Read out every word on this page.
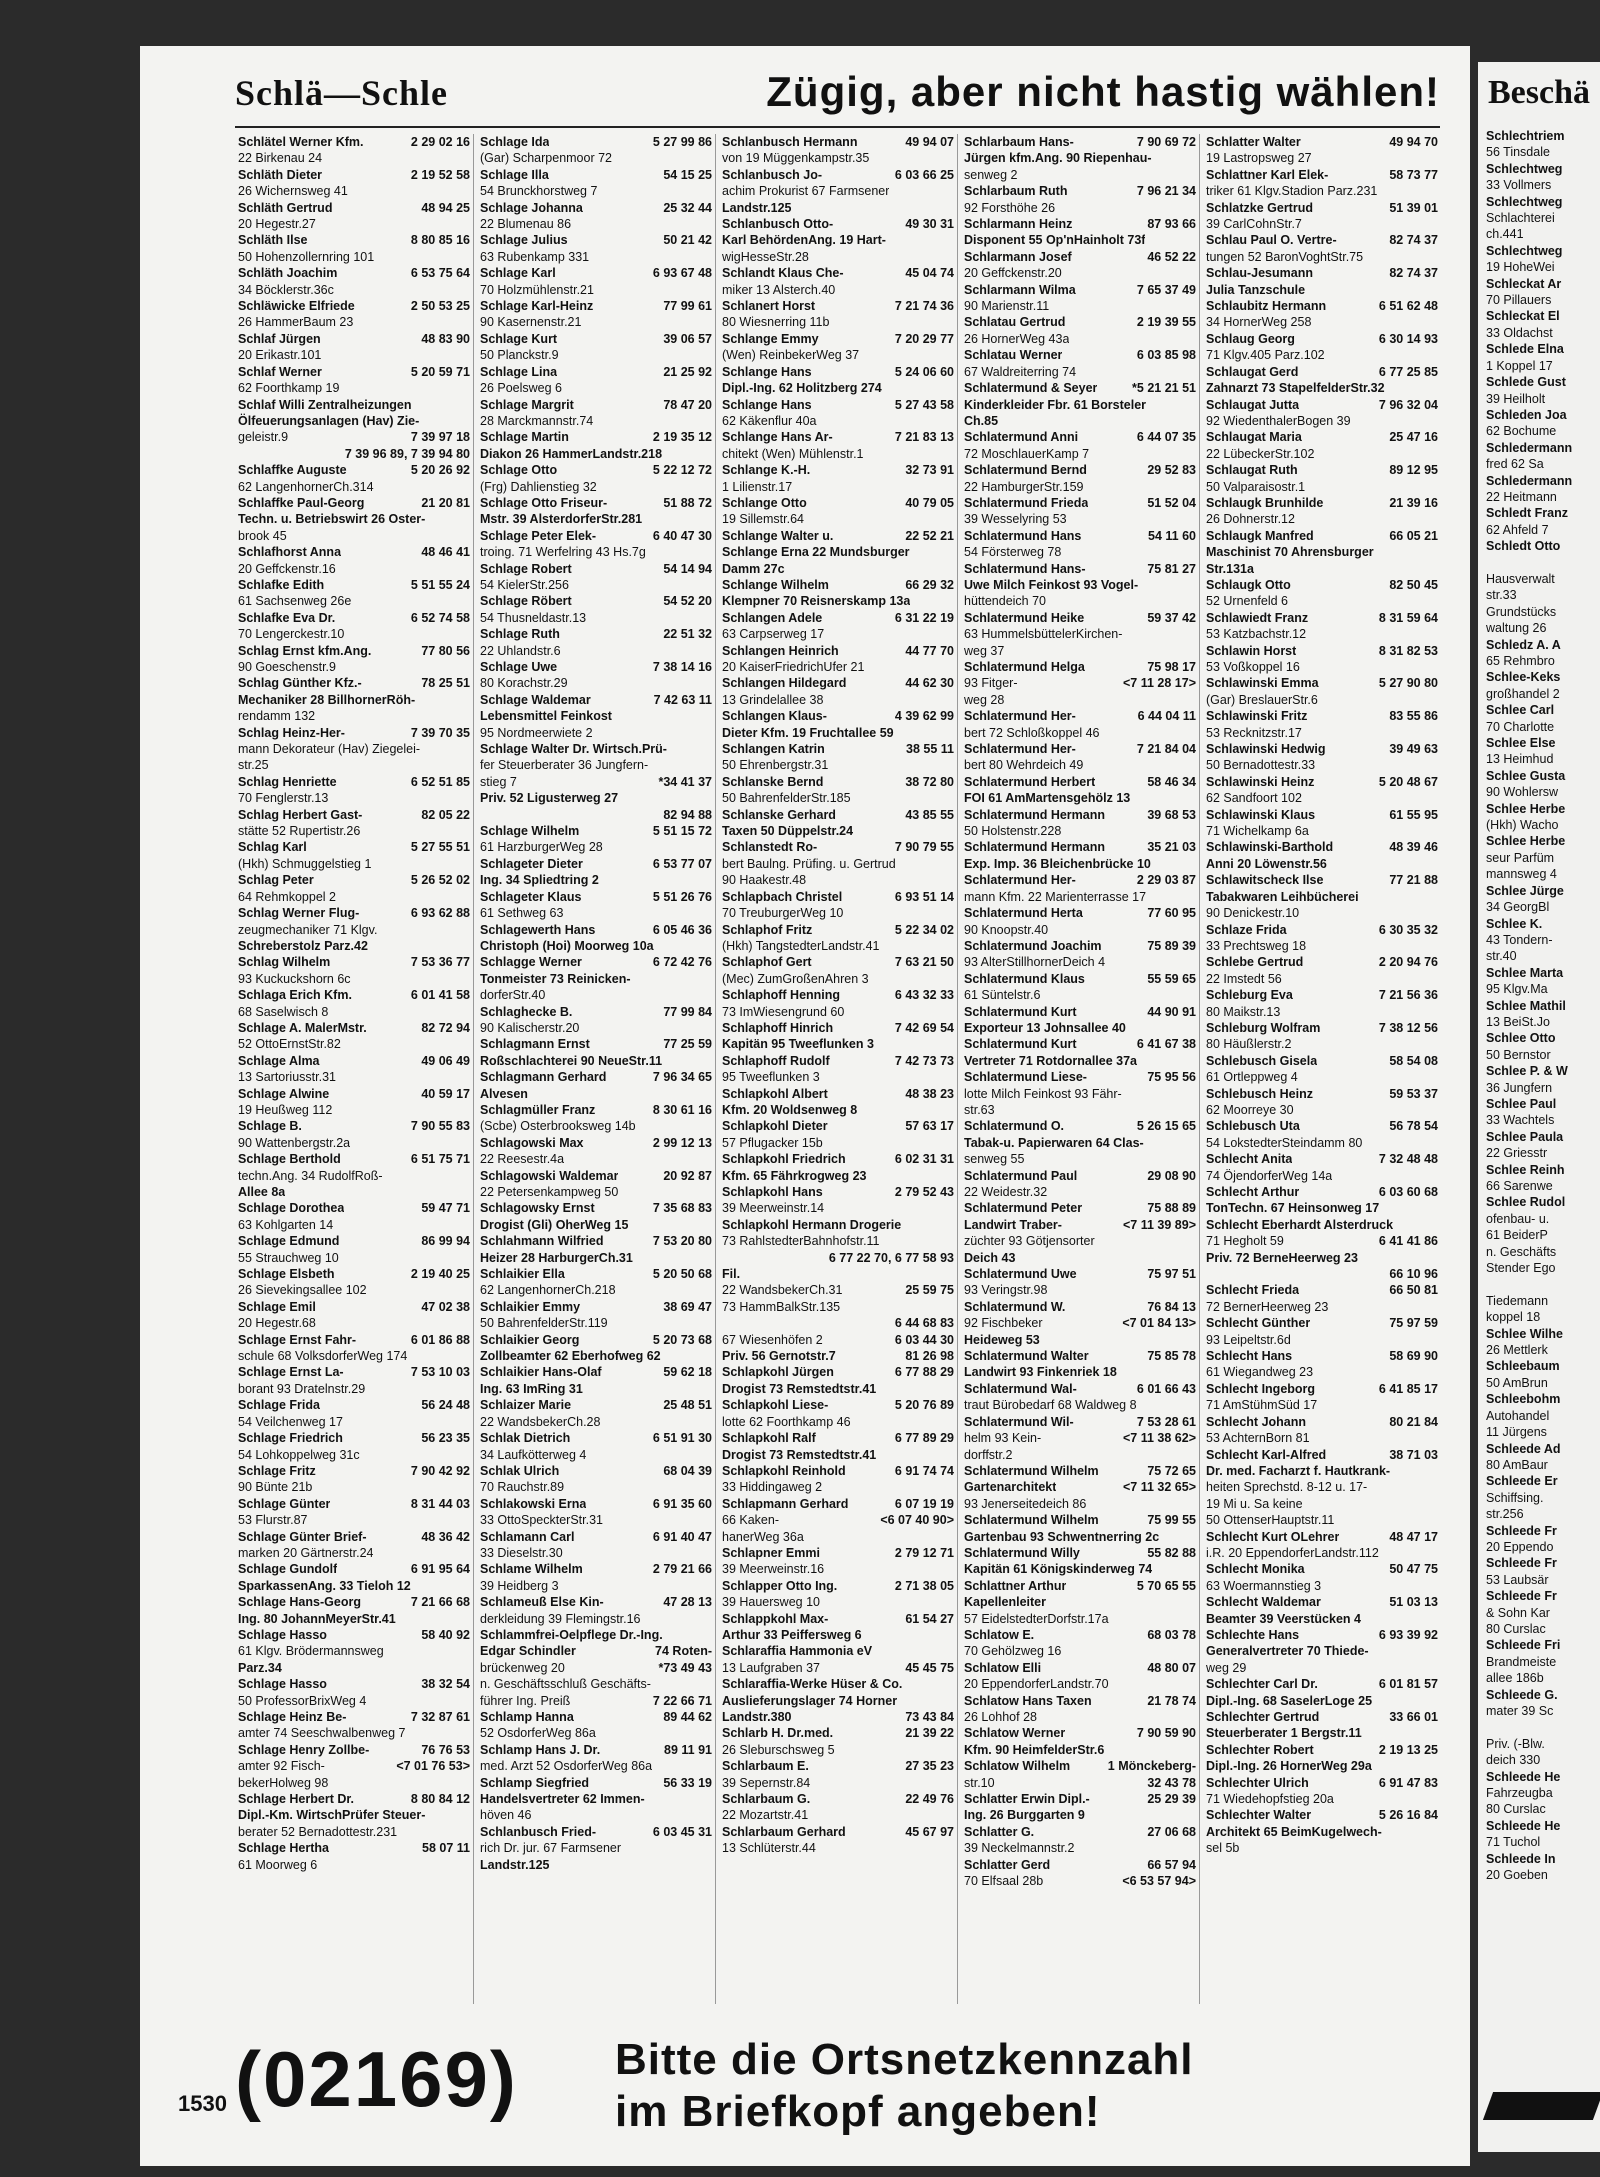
Schlä—Schle	Zügig, aber nicht hastig wählen!
Schlätel Werner Kfm.	2 29 02 16
22 Birkenau 24
Schläth Dieter	2 19 52 58
26 Wichernsweg 41
Schläth Gertrud	48 94 25
20 Hegestr.27
Schläth Ilse	8 80 85 16
50 Hohenzollernring 101
Schläth Joachim	6 53 75 64
34 Böcklerstr.36c
Schläwicke Elfriede	2 50 53 25
26 HammerBaum 23
Schlaf Jürgen	48 83 90
20 Erikastr.101
Schlaf Werner	5 20 59 71
62 Foorthkamp 19
Schlaf Willi Zentralheizungen
Ölfeuerungsanlagen (Hav) Zie-
geleistr.9	7 39 97 18
7 39 96 89, 7 39 94 80
Schlaffke Auguste	5 20 26 92
62 LangenhornerCh.314
Schlaffke Paul-Georg	21 20 81
Techn. u. Betriebswirt 26 Oster-
brook 45
Schlafhorst Anna	48 46 41
20 Geffckenstr.16
Schlafke Edith	5 51 55 24
61 Sachsenweg 26e
Schlafke Eva Dr.	6 52 74 58
70 Lengerckestr.10
Schlag Ernst kfm.Ang.	77 80 56
90 Goeschenstr.9
Schlag Günther Kfz.-	78 25 51
Mechaniker 28 BillhornerRöh-
rendamm 132
Schlag Heinz-Her-	7 39 70 35
mann Dekorateur (Hav) Ziegelei-
str.25
Schlag Henriette	6 52 51 85
70 Fenglerstr.13
Schlag Herbert Gast-	82 05 22
stätte 52 Rupertistr.26
Schlag Karl	5 27 55 51
(Hkh) Schmuggelstieg 1
Schlag Peter	5 26 52 02
64 Rehmkoppel 2
Schlag Werner Flug-	6 93 62 88
zeugmechaniker 71 Klgv.
Schreberstolz Parz.42
Schlag Wilhelm	7 53 36 77
93 Kuckuckshorn 6c
Schlaga Erich Kfm.	6 01 41 58
68 Saselwisch 8
Schlage A. MalerMstr.	82 72 94
52 OttoErnstStr.82
Schlage Alma	49 06 49
13 Sartoriusstr.31
Schlage Alwine	40 59 17
19 Heußweg 112
Schlage B.	7 90 55 83
90 Wattenbergstr.2a
Schlage Berthold	6 51 75 71
techn.Ang. 34 RudolfRoß-
Allee 8a
Schlage Dorothea	59 47 71
63 Kohlgarten 14
Schlage Edmund	86 99 94
55 Strauchweg 10
Schlage Elsbeth	2 19 40 25
26 Sievekingsallee 102
Schlage Emil	47 02 38
20 Hegestr.68
Schlage Ernst Fahr-	6 01 86 88
schule 68 VolksdorferWeg 174
Schlage Ernst La-	7 53 10 03
borant 93 Dratelnstr.29
Schlage Frida	56 24 48
54 Veilchenweg 17
Schlage Friedrich	56 23 35
54 Lohkoppelweg 31c
Schlage Fritz	7 90 42 92
90 Bünte 21b
Schlage Günter	8 31 44 03
53 Flurstr.87
Schlage Günter Brief-	48 36 42
marken 20 Gärtnerstr.24
Schlage Gundolf	6 91 95 64
SparkassenAng. 33 Tieloh 12
Schlage Hans-Georg	7 21 66 68
Ing. 80 JohannMeyerStr.41
Schlage Hasso	58 40 92
61 Klgv. Brödermannsweg
Parz.34
Schlage Hasso	38 32 54
50 ProfessorBrixWeg 4
Schlage Heinz Be-	7 32 87 61
amter 74 Seeschwalbenweg 7
Schlage Henry Zollbe-	76 76 53
amter 92 Fisch-	<7 01 76 53>
bekerHolweg 98
Schlage Herbert Dr.	8 80 84 12
Dipl.-Km. WirtschPrüfer Steuer-
berater 52 Bernadottestr.231
Schlage Hertha	58 07 11
61 Moorweg 6
Schlage Ida	5 27 99 86
(Gar) Scharpenmoor 72
Schlage Illa	54 15 25
54 Brunckhorstweg 7
Schlage Johanna	25 32 44
22 Blumenau 86
Schlage Julius	50 21 42
63 Rubenkamp 331
Schlage Karl	6 93 67 48
70 Holzmühlenstr.21
Schlage Karl-Heinz	77 99 61
90 Kasernenstr.21
Schlage Kurt	39 06 57
50 Planckstr.9
Schlage Lina	21 25 92
26 Poelsweg 6
Schlage Margrit	78 47 20
28 Marckmannstr.74
Schlage Martin	2 19 35 12
Diakon 26 HammerLandstr.218
Schlage Otto	5 22 12 72
(Frg) Dahlienstieg 32
Schlage Otto Friseur-	51 88 72
Mstr. 39 AlsterdorferStr.281
Schlage Peter Elek-	6 40 47 30
troing. 71 Werfelring 43 Hs.7g
Schlage Robert	54 14 94
54 KielerStr.256
Schlage Röbert	54 52 20
54 Thusneldastr.13
Schlage Ruth	22 51 32
22 Uhlandstr.6
Schlage Uwe	7 38 14 16
80 Korachstr.29
Schlage Waldemar	7 42 63 11
Lebensmittel Feinkost
95 Nordmeerwiete 2
Schlage Walter Dr. Wirtsch.Prü-
fer Steuerberater 36 Jungfern-
stieg 7	*34 41 37
Priv. 52 Ligusterweg 27
82 94 88
Schlage Wilhelm	5 51 15 72
61 HarzburgerWeg 28
Schlageter Dieter	6 53 77 07
Ing. 34 Spliedtring 2
Schlageter Klaus	5 51 26 76
61 Sethweg 63
Schlagewerth Hans	6 05 46 36
Christoph (Hoi) Moorweg 10a
Schlagge Werner	6 72 42 76
Tonmeister 73 Reinicken-
dorferStr.40
Schlaghecke B.	77 99 84
90 Kalischerstr.20
Schlagmann Ernst	77 25 59
Roßschlachterei 90 NeueStr.11
Schlagmann Gerhard	7 96 34 65
Alvesen
Schlagmüller Franz	8 30 61 16
(Scbe) Osterbrooksweg 14b
Schlagowski Max	2 99 12 13
22 Reesestr.4a
Schlagowski Waldemar	20 92 87
22 Petersenkampweg 50
Schlagowsky Ernst	7 35 68 83
Drogist (Gli) OherWeg 15
Schlahmann Wilfried	7 53 20 80
Heizer 28 HarburgerCh.31
Schlaikier Ella	5 20 50 68
62 LangenhornerCh.218
Schlaikier Emmy	38 69 47
50 BahrenfelderStr.119
Schlaikier Georg	5 20 73 68
Zollbeamter 62 Eberhofweg 62
Schlaikier Hans-Olaf	59 62 18
Ing. 63 ImRing 31
Schlaizer Marie	25 48 51
22 WandsbekerCh.28
Schlak Dietrich	6 51 91 30
34 Laufkötterweg 4
Schlak Ulrich	68 04 39
70 Rauchstr.89
Schlakowski Erna	6 91 35 60
33 OttoSpeckterStr.31
Schlamann Carl	6 91 40 47
33 Dieselstr.30
Schlame Wilhelm	2 79 21 66
39 Heidberg 3
Schlameuß Else Kin-	47 28 13
derkleidung 39 Flemingstr.16
Schlammfrei-Oelpflege Dr.-Ing.
Edgar Schindler	74 Roten-
brückenweg 20	*73 49 43
n. Geschäftsschluß Geschäfts-
führer Ing. Preiß	7 22 66 71
Schlamp Hanna	89 44 62
52 OsdorferWeg 86a
Schlamp Hans J. Dr.	89 11 91
med. Arzt 52 OsdorferWeg 86a
Schlamp Siegfried	56 33 19
Handelsvertreter 62 Immen-
höven 46
Schlanbusch Fried-	6 03 45 31
rich Dr. jur. 67 Farmsener
Landstr.125
Schlanbusch Hermann	49 94 07
von 19 Müggenkampstr.35
Schlanbusch Jo-	6 03 66 25
achim Prokurist 67 Farmsener
Landstr.125
Schlanbusch Otto-	49 30 31
Karl BehördenAng. 19 Hart-
wigHesseStr.28
Schlandt Klaus Che-	45 04 74
miker 13 Alsterch.40
Schlanert Horst	7 21 74 36
80 Wiesnerring 11b
Schlange Emmy	7 20 29 77
(Wen) ReinbekerWeg 37
Schlange Hans	5 24 06 60
Dipl.-Ing. 62 Holitzberg 274
Schlange Hans	5 27 43 58
62 Käkenflur 40a
Schlange Hans Ar-	7 21 83 13
chitekt (Wen) Mühlenstr.1
Schlange K.-H.	32 73 91
1 Lilienstr.17
Schlange Otto	40 79 05
19 Sillemstr.64
Schlange Walter u.	22 52 21
Schlange Erna 22 Mundsburger
Damm 27c
Schlange Wilhelm	66 29 32
Klempner 70 Reisnerskamp 13a
Schlangen Adele	6 31 22 19
63 Carpserweg 17
Schlangen Heinrich	44 77 70
20 KaiserFriedrichUfer 21
Schlangen Hildegard	44 62 30
13 Grindelallee 38
Schlangen Klaus-	4 39 62 99
Dieter Kfm. 19 Fruchtallee 59
Schlangen Katrin	38 55 11
50 Ehrenbergstr.31
Schlanske Bernd	38 72 80
50 BahrenfelderStr.185
Schlanske Gerhard	43 85 55
Taxen 50 Düppelstr.24
Schlanstedt Ro-	7 90 79 55
bert Baulng. Prüfing. u. Gertrud
90 Haakestr.48
Schlapbach Christel	6 93 51 14
70 TreuburgerWeg 10
Schlaphof Fritz	5 22 34 02
(Hkh) TangstedterLandstr.41
Schlaphof Gert	7 63 21 50
(Mec) ZumGroßenAhren 3
Schlaphoff Henning	6 43 32 33
73 ImWiesengrund 60
Schlaphoff Hinrich	7 42 69 54
Kapitän 95 Tweeflunken 3
Schlaphoff Rudolf	7 42 73 73
95 Tweeflunken 3
Schlapkohl Albert	48 38 23
Kfm. 20 Woldsenweg 8
Schlapkohl Dieter	57 63 17
57 Pflugacker 15b
Schlapkohl Friedrich	6 02 31 31
Kfm. 65 Fährkrogweg 23
Schlapkohl Hans	2 79 52 43
39 Meerweinstr.14
Schlapkohl Hermann Drogerie
73 RahlstedterBahnhofstr.11
6 77 22 70, 6 77 58 93
Fil.
22 WandsbekerCh.31	25 59 75
73 HammBalkStr.135
6 44 68 83
67 Wiesenhöfen 2	6 03 44 30
Priv. 56 Gernotstr.7	81 26 98
Schlapkohl Jürgen	6 77 88 29
Drogist 73 Remstedtstr.41
Schlapkohl Liese-	5 20 76 89
lotte 62 Foorthkamp 46
Schlapkohl Ralf	6 77 89 29
Drogist 73 Remstedtstr.41
Schlapkohl Reinhold	6 91 74 74
33 Hiddingaweg 2
Schlapmann Gerhard	6 07 19 19
66 Kaken-	<6 07 40 90>
hanerWeg 36a
Schlapner Emmi	2 79 12 71
39 Meerweinstr.16
Schlapper Otto Ing.	2 71 38 05
39 Hauersweg 10
Schlappkohl Max-	61 54 27
Arthur 33 Peiffersweg 6
Schlaraffia Hammonia eV
13 Laufgraben 37	45 45 75
Schlaraffia-Werke Hüser & Co.
Auslieferungslager 74 Horner
Landstr.380	73 43 84
Schlarb H. Dr.med.	21 39 22
26 Sleburschsweg 5
Schlarbaum E.	27 35 23
39 Sepernstr.84
Schlarbaum G.	22 49 76
22 Mozartstr.41
Schlarbaum Gerhard	45 67 97
13 Schlüterstr.44
Schlarbaum Hans-	7 90 69 72
Jürgen kfm.Ang. 90 Riepenhau-
senweg 2
Schlarbaum Ruth	7 96 21 34
92 Forsthöhe 26
Schlarmann Heinz	87 93 66
Disponent 55 Op'nHainholt 73f
Schlarmann Josef	46 52 22
20 Geffckenstr.20
Schlarmann Wilma	7 65 37 49
90 Marienstr.11
Schlatau Gertrud	2 19 39 55
26 HornerWeg 43a
Schlatau Werner	6 03 85 98
67 Waldreiterring 74
Schlatermund & Seyer	*5 21 21 51
Kinderkleider Fbr. 61 Borsteler
Ch.85
Schlatermund Anni	6 44 07 35
72 MoschlauerKamp 7
Schlatermund Bernd	29 52 83
22 HamburgerStr.159
Schlatermund Frieda	51 52 04
39 Wesselyring 53
Schlatermund Hans	54 11 60
54 Försterweg 78
Schlatermund Hans-	75 81 27
Uwe Milch Feinkost 93 Vogel-
hüttendeich 70
Schlatermund Heike	59 37 42
63 HummelsbüttelerKirchen-
weg 37
Schlatermund Helga	75 98 17
93 Fitger-	<7 11 28 17>
weg 28
Schlatermund Her-	6 44 04 11
bert 72 Schloßkoppel 46
Schlatermund Her-	7 21 84 04
bert 80 Wehrdeich 49
Schlatermund Herbert	58 46 34
FOI 61 AmMartensgehölz 13
Schlatermund Hermann	39 68 53
50 Holstenstr.228
Schlatermund Hermann	35 21 03
Exp. Imp. 36 Bleichenbrücke 10
Schlatermund Her-	2 29 03 87
mann Kfm. 22 Marienterrasse 17
Schlatermund Herta	77 60 95
90 Knoopstr.40
Schlatermund Joachim	75 89 39
93 AlterStillhornerDeich 4
Schlatermund Klaus	55 59 65
61 Süntelstr.6
Schlatermund Kurt	44 90 91
Exporteur 13 Johnsallee 40
Schlatermund Kurt	6 41 67 38
Vertreter 71 Rotdornallee 37a
Schlatermund Liese-	75 95 56
lotte Milch Feinkost 93 Fähr-
str.63
Schlatermund O.	5 26 15 65
Tabak-u. Papierwaren 64 Clas-
senweg 55
Schlatermund Paul	29 08 90
22 Weidestr.32
Schlatermund Peter	75 88 89
Landwirt Traber-	<7 11 39 89>
züchter 93 Götjensorter
Deich 43
Schlatermund Uwe	75 97 51
93 Veringstr.98
Schlatermund W.	76 84 13
92 Fischbeker	<7 01 84 13>
Heideweg 53
Schlatermund Walter	75 85 78
Landwirt 93 Finkenriek 18
Schlatermund Wal-	6 01 66 43
traut Bürobedarf 68 Waldweg 8
Schlatermund Wil-	7 53 28 61
helm 93 Kein-	<7 11 38 62>
dorffstr.2
Schlatermund Wilhelm	75 72 65
Gartenarchitekt	<7 11 32 65>
93 Jenerseitedeich 86
Schlatermund Wilhelm	75 99 55
Gartenbau 93 Schwentnerring 2c
Schlatermund Willy	55 82 88
Kapitän 61 Königskinderweg 74
Schlattner Arthur	5 70 65 55
Kapellenleiter
57 EidelstedterDorfstr.17a
Schlatow E.	68 03 78
70 Gehölzweg 16
Schlatow Elli	48 80 07
20 EppendorferLandstr.70
Schlatow Hans Taxen	21 78 74
26 Lohhof 28
Schlatow Werner	7 90 59 90
Kfm. 90 HeimfelderStr.6
Schlatow Wilhelm	1 Mönckeberg-
str.10	32 43 78
Schlatter Erwin Dipl.-	25 29 39
Ing. 26 Burggarten 9
Schlatter G.	27 06 68
39 Neckelmannstr.2
Schlatter Gerd	66 57 94
70 Elfsaal 28b	<6 53 57 94>
Schlatter Walter	49 94 70
19 Lastropsweg 27
Schlattner Karl Elek-	58 73 77
triker 61 Klgv.Stadion Parz.231
Schlatzke Gertrud	51 39 01
39 CarlCohnStr.7
Schlau Paul O. Vertre-	82 74 37
tungen 52 BaronVoghtStr.75
Schlau-Jesumann	82 74 37
Julia Tanzschule
Schlaubitz Hermann	6 51 62 48
34 HornerWeg 258
Schlaug Georg	6 30 14 93
71 Klgv.405 Parz.102
Schlaugat Gerd	6 77 25 85
Zahnarzt 73 StapelfelderStr.32
Schlaugat Jutta	7 96 32 04
92 WiedenthalerBogen 39
Schlaugat Maria	25 47 16
22 LübeckerStr.102
Schlaugat Ruth	89 12 95
50 Valparaisostr.1
Schlaugk Brunhilde	21 39 16
26 Dohnerstr.12
Schlaugk Manfred	66 05 21
Maschinist 70 Ahrensburger
Str.131a
Schlaugk Otto	82 50 45
52 Urnenfeld 6
Schlawiedt Franz	8 31 59 64
53 Katzbachstr.12
Schlawin Horst	8 31 82 53
53 Voßkoppel 16
Schlawinski Emma	5 27 90 80
(Gar) BreslauerStr.6
Schlawinski Fritz	83 55 86
53 Recknitzstr.17
Schlawinski Hedwig	39 49 63
50 Bernadottestr.33
Schlawinski Heinz	5 20 48 67
62 Sandfoort 102
Schlawinski Klaus	61 55 95
71 Wichelkamp 6a
Schlawinski-Barthold	48 39 46
Anni 20 Löwenstr.56
Schlawitscheck Ilse	77 21 88
Tabakwaren Leihbücherei
90 Denickestr.10
Schlaze Frida	6 30 35 32
33 Prechtsweg 18
Schlebe Gertrud	2 20 94 76
22 Imstedt 56
Schleburg Eva	7 21 56 36
80 Maikstr.13
Schleburg Wolfram	7 38 12 56
80 Häußlerstr.2
Schlebusch Gisela	58 54 08
61 Ortleppweg 4
Schlebusch Heinz	59 53 37
62 Moorreye 30
Schlebusch Uta	56 78 54
54 LokstedterSteindamm 80
Schlecht Anita	7 32 48 48
74 ÖjendorferWeg 14a
Schlecht Arthur	6 03 60 68
TonTechn. 67 Heinsonweg 17
Schlecht Eberhardt Alsterdruck
71 Hegholt 59	6 41 41 86
Priv. 72 BerneHeerweg 23
66 10 96
Schlecht Frieda	66 50 81
72 BernerHeerweg 23
Schlecht Günther	75 97 59
93 Leipeltstr.6d
Schlecht Hans	58 69 90
61 Wiegandweg 23
Schlecht Ingeborg	6 41 85 17
71 AmStühmSüd 17
Schlecht Johann	80 21 84
53 AchternBorn 81
Schlecht Karl-Alfred	38 71 03
Dr. med. Facharzt f. Hautkrank-
heiten Sprechstd. 8-12 u. 17-
19 Mi u. Sa keine
50 OttenserHauptstr.11
Schlecht Kurt OLehrer	48 47 17
i.R. 20 EppendorferLandstr.112
Schlecht Monika	50 47 75
63 Woermannstieg 3
Schlecht Waldemar	51 03 13
Beamter 39 Veerstücken 4
Schlechte Hans	6 93 39 92
Generalvertreter 70 Thiede-
weg 29
Schlechter Carl Dr.	6 01 81 57
Dipl.-Ing. 68 SaselerLoge 25
Schlechter Gertrud	33 66 01
Steuerberater 1 Bergstr.11
Schlechter Robert	2 19 13 25
Dipl.-Ing. 26 HornerWeg 29a
Schlechter Ulrich	6 91 47 83
71 Wiedehopfstieg 20a
Schlechter Walter	5 26 16 84
Architekt 65 BeimKugelwech-
sel 5b
(02169) Bitte die Ortsnetzkennzahl
im Briefkopf angeben!
1530
Beschä
Schlechtriem
56 Tinsdale
Schlechtweg
33 Vollmers
Schlechtweg
Schlachterei
ch.441
Schlechtweg
19 HoheWei
Schleckat Ar
70 Pillauers
Schleckat El
33 Oldachst
Schlede Elna
1 Koppel 17
Schlede Gust
39 Heilholt
Schleden Joa
62 Bochume
Schledermann
fred 62 Sa
Schledermann
22 Heitmann
Schledt Franz
62 Ahfeld 7
Schledt Otto

Hausverwalt
str.33
Grundstücks
waltung 26
Schledz A. A
65 Rehmbro
Schlee-Keks
großhandel 2
Schlee Carl
70 Charlotte
Schlee Else
13 Heimhud
Schlee Gusta
90 Wohlersw
Schlee Herbe
(Hkh) Wacho
Schlee Herbe
seur Parfüm
mannsweg 4
Schlee Jürge
34 GeorgBl
Schlee K.
43 Tondern-
str.40
Schlee Marta
95 Klgv.Ma
Schlee Mathil
13 BeiSt.Jo
Schlee Otto
50 Bernstor
Schlee P. & W
36 Jungfern
Schlee Paul
33 Wachtels
Schlee Paula
22 Griesstr
Schlee Reinh
66 Sarenwe
Schlee Rudol
ofenbau- u.
61 BeiderP
n. Geschäfts
Stender Ego

Tiedemann
koppel 18
Schlee Wilhe
26 Mettlerk
Schleebaum
50 AmBrun
Schleebohm
Autohandel
11 Jürgens
Schleede Ad
80 AmBaur
Schleede Er
Schiffsing.
str.256
Schleede Fr
20 Eppendo
Schleede Fr
53 Laubsär
Schleede Fr
& Sohn Kar
80 Curslac
Schleede Fri
Brandmeiste
allee 186b
Schleede G.
mater 39 Sc

Priv. (-Blw.
deich 330
Schleede He
Fahrzeugba
80 Curslac
Schleede He
71 Tuchol
Schleede In
20 Goeben
